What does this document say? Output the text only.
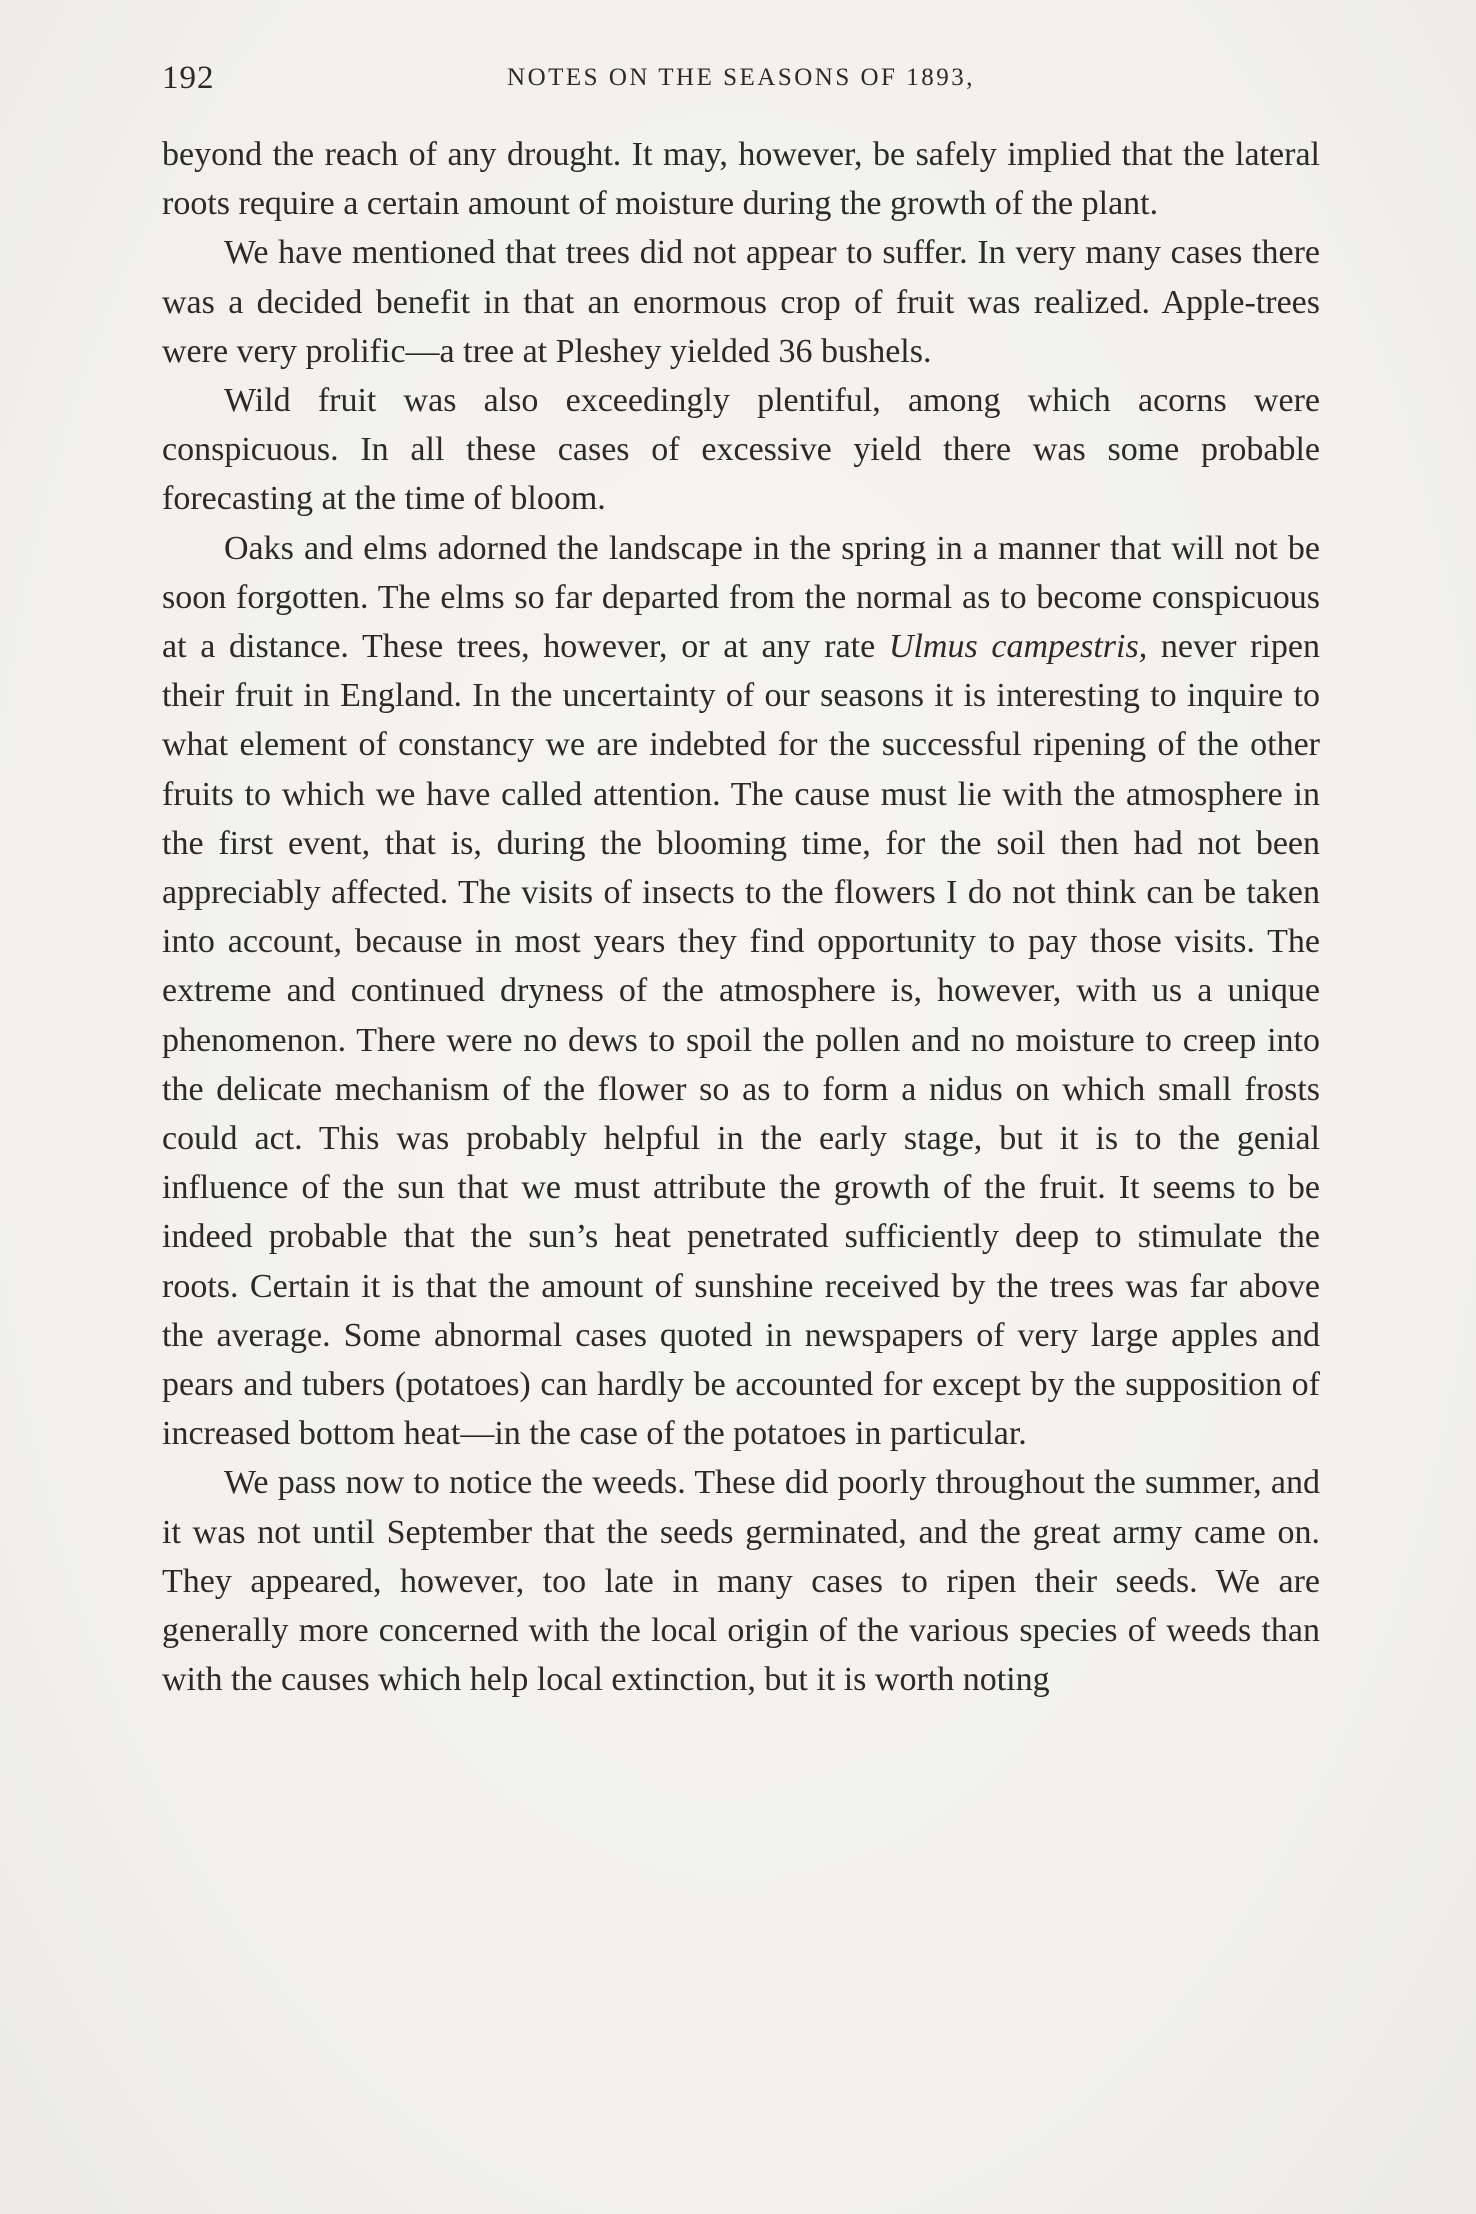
192	NOTES ON THE SEASONS OF 1893,

beyond the reach of any drought. It may, however, be safely implied that the lateral roots require a certain amount of moisture during the growth of the plant.

We have mentioned that trees did not appear to suffer. In very many cases there was a decided benefit in that an enormous crop of fruit was realized. Apple-trees were very prolific—a tree at Pleshey yielded 36 bushels.

Wild fruit was also exceedingly plentiful, among which acorns were conspicuous. In all these cases of excessive yield there was some probable forecasting at the time of bloom.

Oaks and elms adorned the landscape in the spring in a manner that will not be soon forgotten. The elms so far departed from the normal as to become conspicuous at a distance. These trees, however, or at any rate Ulmus campestris, never ripen their fruit in England. In the uncertainty of our seasons it is interesting to inquire to what element of constancy we are indebted for the successful ripening of the other fruits to which we have called attention. The cause must lie with the atmosphere in the first event, that is, during the blooming time, for the soil then had not been appreciably affected. The visits of insects to the flowers I do not think can be taken into account, because in most years they find opportunity to pay those visits. The extreme and continued dryness of the atmosphere is, however, with us a unique phenomenon. There were no dews to spoil the pollen and no moisture to creep into the delicate mechanism of the flower so as to form a nidus on which small frosts could act. This was probably helpful in the early stage, but it is to the genial influence of the sun that we must attribute the growth of the fruit. It seems to be indeed probable that the sun’s heat penetrated sufficiently deep to stimulate the roots. Certain it is that the amount of sunshine received by the trees was far above the average. Some abnormal cases quoted in newspapers of very large apples and pears and tubers (potatoes) can hardly be accounted for except by the supposition of increased bottom heat—in the case of the potatoes in particular.

We pass now to notice the weeds. These did poorly throughout the summer, and it was not until September that the seeds germinated, and the great army came on. They appeared, however, too late in many cases to ripen their seeds. We are generally more concerned with the local origin of the various species of weeds than with the causes which help local extinction, but it is worth noting
